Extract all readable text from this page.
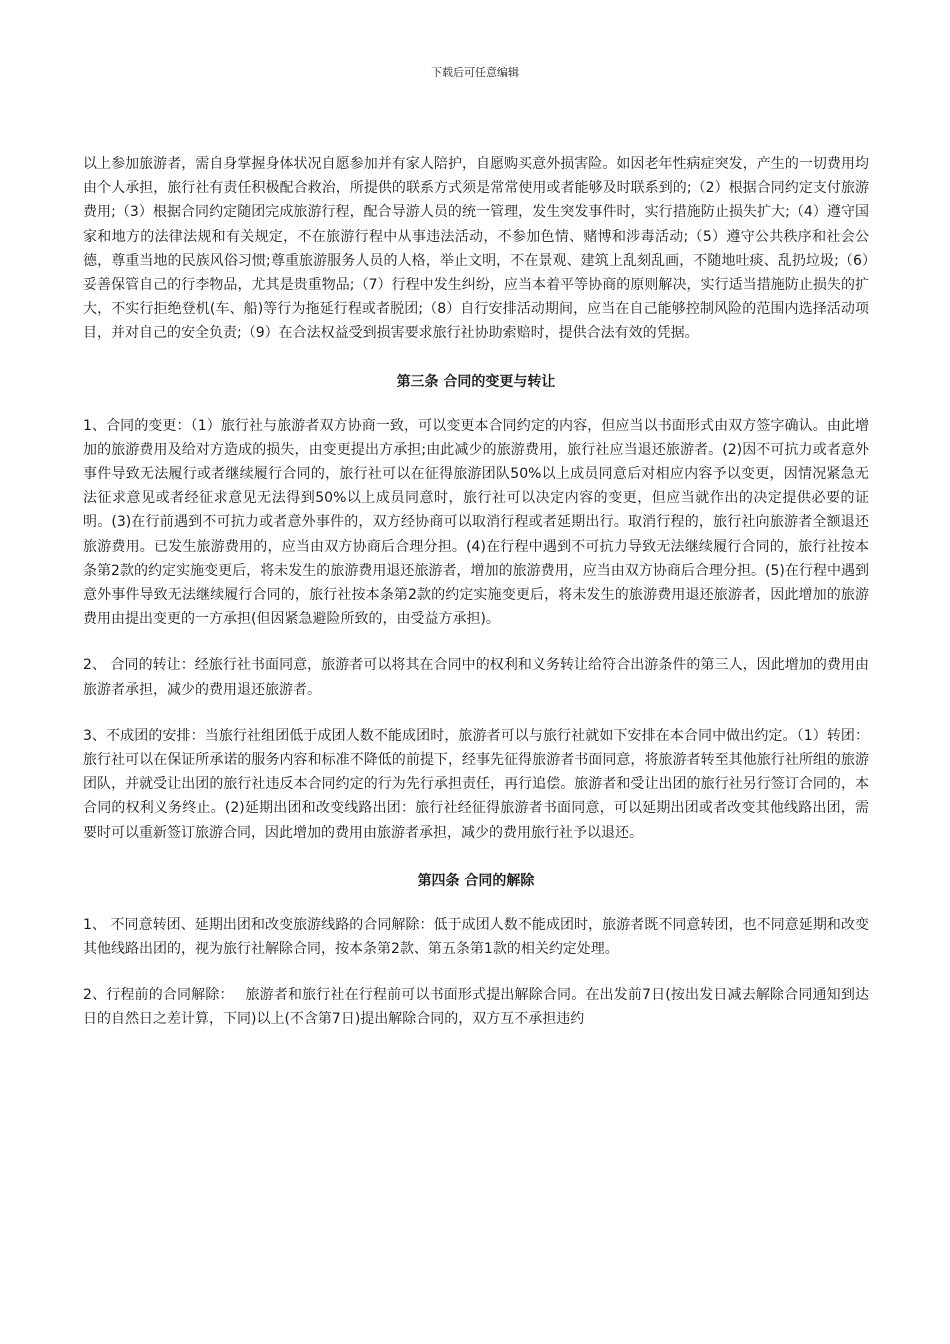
下载后可任意编辑

以上参加旅游者，需自身掌握身体状况自愿参加并有家人陪护，自愿购买意外损害险。如因老年性病症突发，产生的一切费用均由个人承担，旅行社有责任积极配合救治，所提供的联系方式须是常常使用或者能够及时联系到的;（2）根据合同约定支付旅游费用;（3）根据合同约定随团完成旅游行程，配合导游人员的统一管理，发生突发事件时，实行措施防止损失扩大;（4）遵守国家和地方的法律法规和有关规定，不在旅游行程中从事违法活动，不参加色情、赌博和涉毒活动;（5）遵守公共秩序和社会公德，尊重当地的民族风俗习惯;尊重旅游服务人员的人格，举止文明，不在景观、建筑上乱刻乱画，不随地吐痰、乱扔垃圾;（6）妥善保管自己的行李物品，尤其是贵重物品;（7）行程中发生纠纷，应当本着平等协商的原则解决，实行适当措施防止损失的扩大，不实行拒绝登机(车、船)等行为拖延行程或者脱团;（8）自行安排活动期间，应当在自己能够控制风险的范围内选择活动项目，并对自己的安全负责;（9）在合法权益受到损害要求旅行社协助索赔时，提供合法有效的凭据。

第三条 合同的变更与转让

1、合同的变更：（1）旅行社与旅游者双方协商一致，可以变更本合同约定的内容，但应当以书面形式由双方签字确认。由此增加的旅游费用及给对方造成的损失，由变更提出方承担;由此减少的旅游费用，旅行社应当退还旅游者。(2)因不可抗力或者意外事件导致无法履行或者继续履行合同的，旅行社可以在征得旅游团队50%以上成员同意后对相应内容予以变更，因情况紧急无法征求意见或者经征求意见无法得到50%以上成员同意时，旅行社可以决定内容的变更，但应当就作出的决定提供必要的证明。(3)在行前遇到不可抗力或者意外事件的，双方经协商可以取消行程或者延期出行。取消行程的，旅行社向旅游者全额退还旅游费用。已发生旅游费用的，应当由双方协商后合理分担。(4)在行程中遇到不可抗力导致无法继续履行合同的，旅行社按本条第2款的约定实施变更后，将未发生的旅游费用退还旅游者，增加的旅游费用，应当由双方协商后合理分担。(5)在行程中遇到意外事件导致无法继续履行合同的，旅行社按本条第2款的约定实施变更后，将未发生的旅游费用退还旅游者，因此增加的旅游费用由提出变更的一方承担(但因紧急避险所致的，由受益方承担)。

2、 合同的转让：经旅行社书面同意，旅游者可以将其在合同中的权利和义务转让给符合出游条件的第三人，因此增加的费用由旅游者承担，减少的费用退还旅游者。

3、不成团的安排：当旅行社组团低于成团人数不能成团时，旅游者可以与旅行社就如下安排在本合同中做出约定。（1）转团：旅行社可以在保证所承诺的服务内容和标准不降低的前提下，经事先征得旅游者书面同意，将旅游者转至其他旅行社所组的旅游团队，并就受让出团的旅行社违反本合同约定的行为先行承担责任，再行追偿。旅游者和受让出团的旅行社另行签订合同的，本合同的权利义务终止。(2)延期出团和改变线路出团：旅行社经征得旅游者书面同意，可以延期出团或者改变其他线路出团，需要时可以重新签订旅游合同，因此增加的费用由旅游者承担，减少的费用旅行社予以退还。

第四条 合同的解除

1、 不同意转团、延期出团和改变旅游线路的合同解除：低于成团人数不能成团时，旅游者既不同意转团，也不同意延期和改变其他线路出团的，视为旅行社解除合同，按本条第2款、第五条第1款的相关约定处理。

2、行程前的合同解除：　 旅游者和旅行社在行程前可以书面形式提出解除合同。在出发前7日(按出发日减去解除合同通知到达日的自然日之差计算，下同)以上(不含第7日)提出解除合同的，双方互不承担违约
